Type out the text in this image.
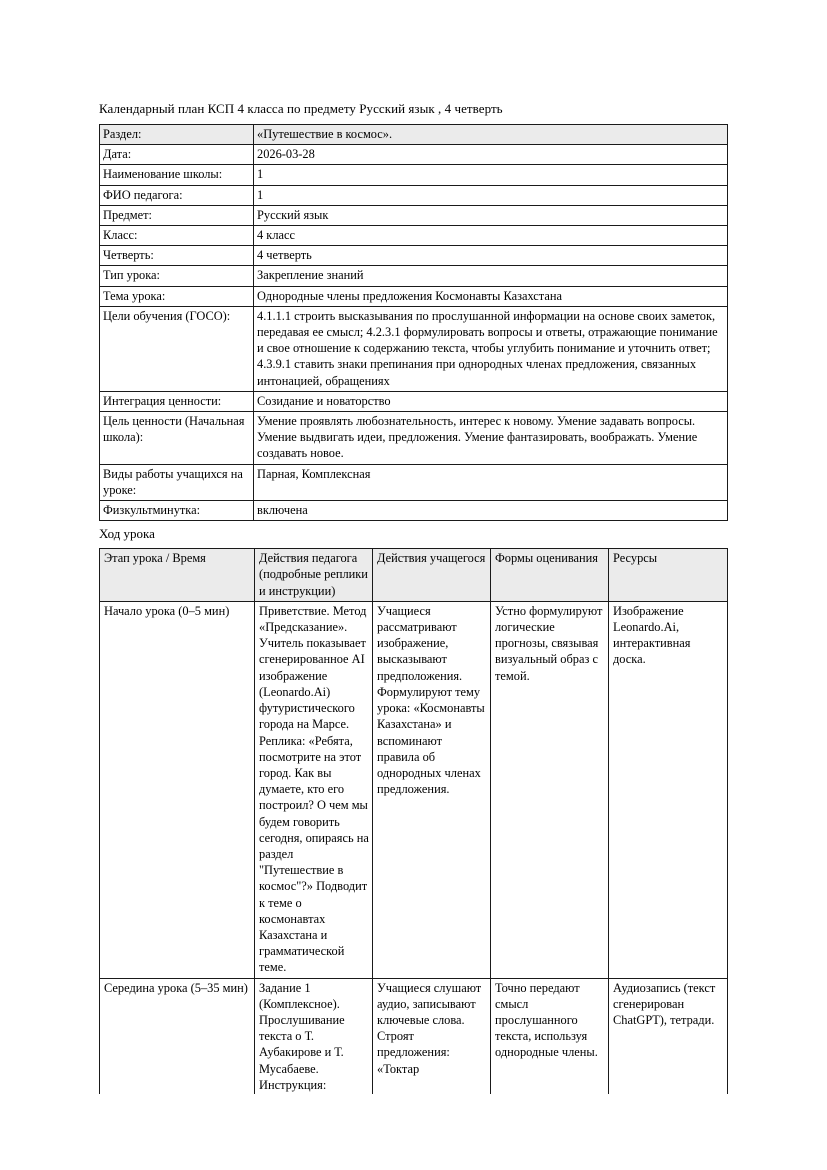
Календарный план КСП 4 класса по предмету Русский язык , 4 четверть
Раздел:	«Путешествие в космос».
Дата:	2026-03-28
Наименование школы:	1
ФИО педагога:	1
Предмет:	Русский язык
Класс:	4 класс
Четверть:	4 четверть
Тип урока:	Закрепление знаний
Тема урока:	Однородные члены предложения Космонавты Казахстана
Цели обучения (ГОСО):	4.1.1.1 строить высказывания по прослушанной информации на основе своих заметок, передавая ее смысл; 4.2.3.1 формулировать вопросы и ответы, отражающие понимание и свое отношение к содержанию текста, чтобы углубить понимание и уточнить ответ; 4.3.9.1 ставить знаки препинания при однородных членах предложения, связанных интонацией, обращениях
Интеграция ценности:	Созидание и новаторство
Цель ценности (Начальная школа):	Умение проявлять любознательность, интерес к новому. Умение задавать вопросы. Умение выдвигать идеи, предложения. Умение фантазировать, воображать. Умение создавать новое.
Виды работы учащихся на уроке:	Парная, Комплексная
Физкультминутка:	включена
Ход урока
Этап урока / Время	Действия педагога (подробные реплики и инструкции)	Действия учащегося	Формы оценивания	Ресурсы
Начало урока (0–5 мин)	Приветствие. Метод «Предсказание». Учитель показывает сгенерированное AI изображение (Leonardo.Ai) футуристического города на Марсе. Реплика: «Ребята, посмотрите на этот город. Как вы думаете, кто его построил? О чем мы будем говорить сегодня, опираясь на раздел "Путешествие в космос"?» Подводит к теме о космонавтах Казахстана и грамматической теме.	Учащиеся рассматривают изображение, высказывают предположения. Формулируют тему урока: «Космонавты Казахстана» и вспоминают правила об однородных членах предложения.	Устно формулируют логические прогнозы, связывая визуальный образ с темой.	Изображение Leonardo.Ai, интерактивная доска.
Середина урока (5–35 мин)	Задание 1 (Комплексное). Прослушивание текста о Т. Аубакирове и Т. Мусабаеве. Инструкция:	Учащиеся слушают аудио, записывают ключевые слова. Строят предложения: «Токтар	Точно передают смысл прослушанного текста, используя однородные члены.	Аудиозапись (текст сгенерирован ChatGPT), тетради.
